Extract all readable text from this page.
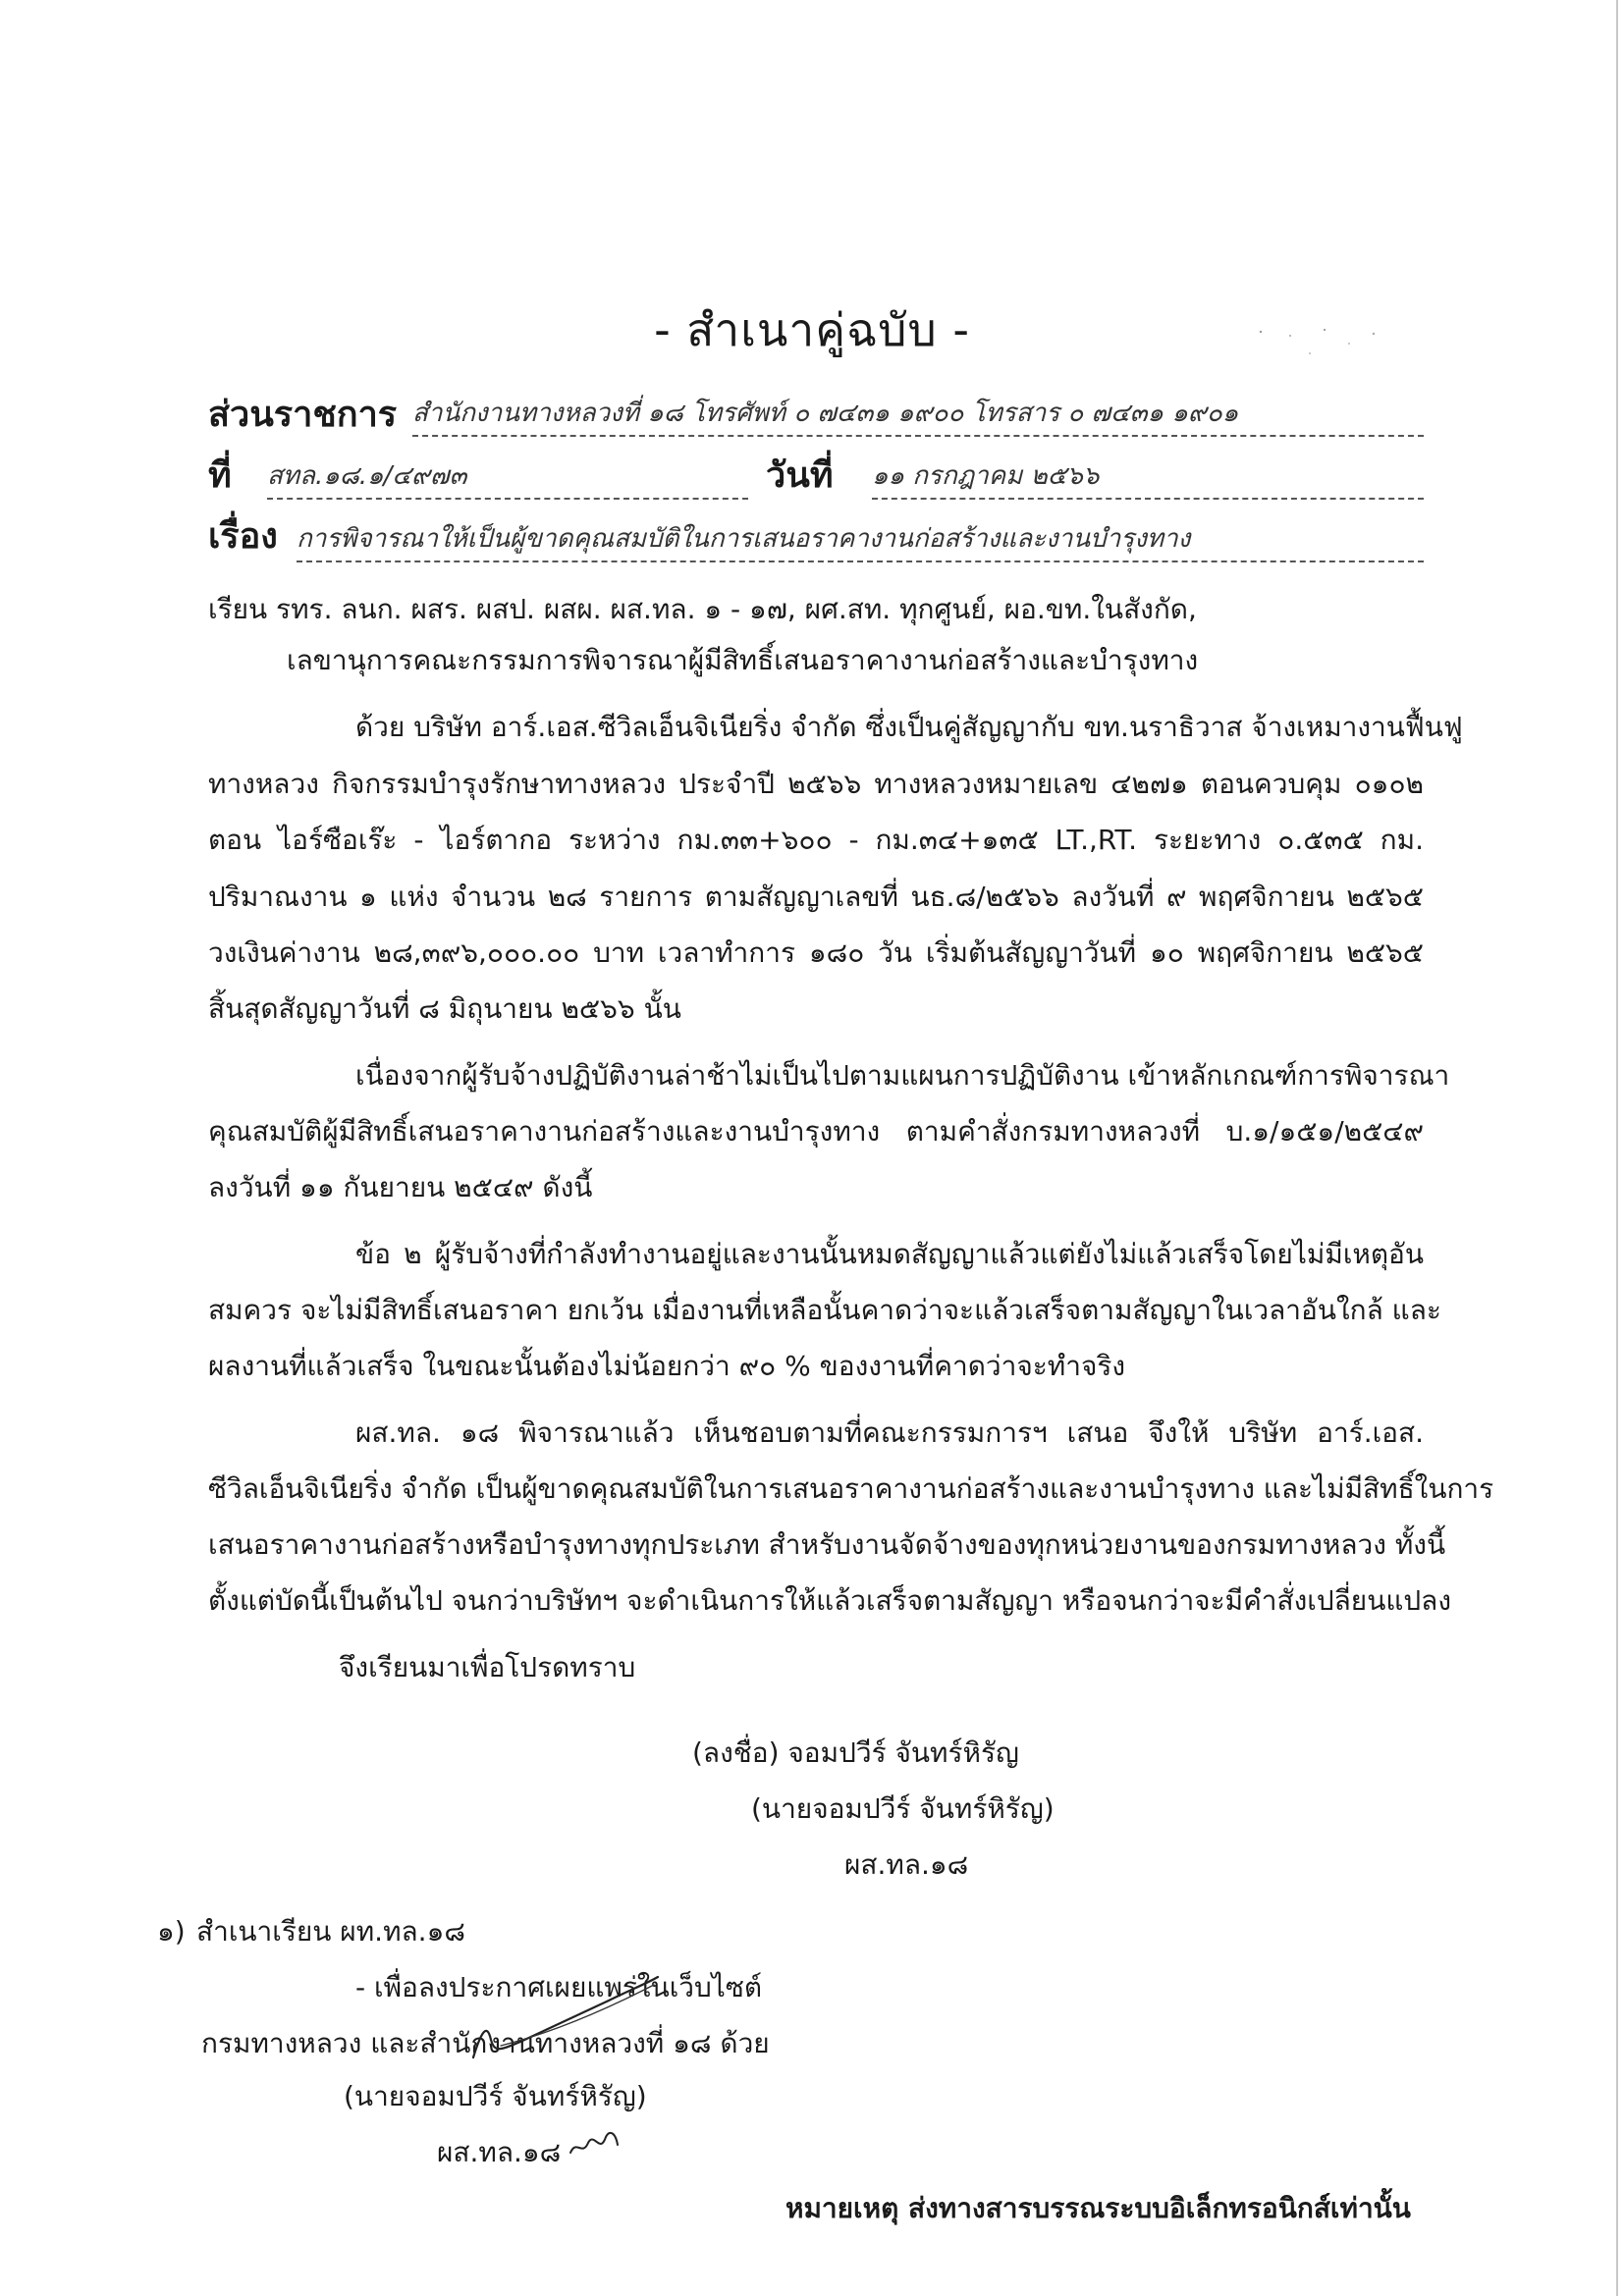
- สำเนาคู่ฉบับ -
ส่วนราชการ สำนักงานทางหลวงที่ ๑๘ โทรศัพท์ ๐ ๗๔๓๑ ๑๙๐๐ โทรสาร ๐ ๗๔๓๑ ๑๙๐๑
ที่ สทล.๑๘.๑/๔๙๗๓	วันที่ ๑๑ กรกฎาคม ๒๕๖๖
เรื่อง การพิจารณาให้เป็นผู้ขาดคุณสมบัติในการเสนอราคางานก่อสร้างและงานบำรุงทาง
เรียน รทร. ลนก. ผสร. ผสป. ผสผ. ผส.ทล. ๑ - ๑๗, ผศ.สท. ทุกศูนย์, ผอ.ขท.ในสังกัด,
เลขานุการคณะกรรมการพิจารณาผู้มีสิทธิ์เสนอราคางานก่อสร้างและบำรุงทาง
ด้วย บริษัท อาร์.เอส.ซีวิลเอ็นจิเนียริ่ง จำกัด ซึ่งเป็นคู่สัญญากับ ขท.นราธิวาส จ้างเหมางานฟื้นฟู
ทางหลวง กิจกรรมบำรุงรักษาทางหลวง ประจำปี ๒๕๖๖ ทางหลวงหมายเลข ๔๒๗๑ ตอนควบคุม ๐๑๐๒
ตอน ไอร์ซือเร๊ะ - ไอร์ตากอ ระหว่าง กม.๓๓+๖๐๐ - กม.๓๔+๑๓๕ LT.,RT. ระยะทาง ๐.๕๓๕ กม.
ปริมาณงาน ๑ แห่ง จำนวน ๒๘ รายการ ตามสัญญาเลขที่ นธ.๘/๒๕๖๖ ลงวันที่ ๙ พฤศจิกายน ๒๕๖๕
วงเงินค่างาน ๒๘,๓๙๖,๐๐๐.๐๐ บาท เวลาทำการ ๑๘๐ วัน เริ่มต้นสัญญาวันที่ ๑๐ พฤศจิกายน ๒๕๖๕
สิ้นสุดสัญญาวันที่ ๘ มิถุนายน ๒๕๖๖ นั้น
เนื่องจากผู้รับจ้างปฏิบัติงานล่าช้าไม่เป็นไปตามแผนการปฏิบัติงาน เข้าหลักเกณฑ์การพิจารณา
คุณสมบัติผู้มีสิทธิ์เสนอราคางานก่อสร้างและงานบำรุงทาง ตามคำสั่งกรมทางหลวงที่ บ.๑/๑๕๑/๒๕๔๙
ลงวันที่ ๑๑ กันยายน ๒๕๔๙ ดังนี้
ข้อ ๒ ผู้รับจ้างที่กำลังทำงานอยู่และงานนั้นหมดสัญญาแล้วแต่ยังไม่แล้วเสร็จโดยไม่มีเหตุอัน
สมควร จะไม่มีสิทธิ์เสนอราคา ยกเว้น เมื่องานที่เหลือนั้นคาดว่าจะแล้วเสร็จตามสัญญาในเวลาอันใกล้ และ
ผลงานที่แล้วเสร็จ ในขณะนั้นต้องไม่น้อยกว่า ๙๐ % ของงานที่คาดว่าจะทำจริง
ผส.ทล. ๑๘ พิจารณาแล้ว เห็นชอบตามที่คณะกรรมการฯ เสนอ จึงให้ บริษัท อาร์.เอส.
ซีวิลเอ็นจิเนียริ่ง จำกัด เป็นผู้ขาดคุณสมบัติในการเสนอราคางานก่อสร้างและงานบำรุงทาง และไม่มีสิทธิ์ในการ
เสนอราคางานก่อสร้างหรือบำรุงทางทุกประเภท สำหรับงานจัดจ้างของทุกหน่วยงานของกรมทางหลวง ทั้งนี้
ตั้งแต่บัดนี้เป็นต้นไป จนกว่าบริษัทฯ จะดำเนินการให้แล้วเสร็จตามสัญญา หรือจนกว่าจะมีคำสั่งเปลี่ยนแปลง
จึงเรียนมาเพื่อโปรดทราบ
(ลงชื่อ) จอมปวีร์ จันทร์หิรัญ
(นายจอมปวีร์ จันทร์หิรัญ)
ผส.ทล.๑๘
๑) สำเนาเรียน ผท.ทล.๑๘
- เพื่อลงประกาศเผยแพร่ในเว็บไซต์
กรมทางหลวง และสำนักงานทางหลวงที่ ๑๘ ด้วย
(นายจอมปวีร์ จันทร์หิรัญ)
ผส.ทล.๑๘
หมายเหตุ ส่งทางสารบรรณระบบอิเล็กทรอนิกส์เท่านั้น
